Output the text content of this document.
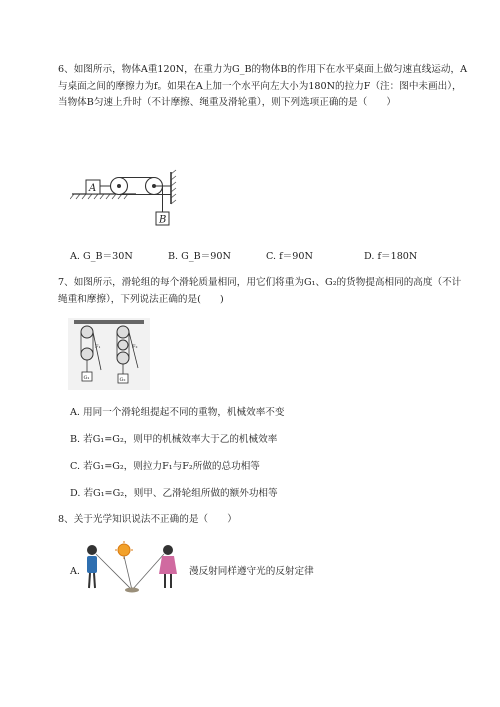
6、如图所示，物体A重120N，在重力为G_B的物体B的作用下在水平桌面上做匀速直线运动，A与桌面之间的摩擦力为f。如果在A上加一个水平向左大小为180N的拉力F（注：图中未画出），当物体B匀速上升时（不计摩擦、绳重及滑轮重），则下列选项正确的是（　　）
A
B
A. G_B＝30N	B. G_B＝90N	C. f＝90N	D. f＝180N
7、如图所示，滑轮组的每个滑轮质量相同，用它们将重为G₁、G₂的货物提高相同的高度（不计绳重和摩擦），下列说法正确的是(　　)
F₁
G₁
F₂
G₂
A. 用同一个滑轮组提起不同的重物，机械效率不变
B. 若G₁=G₂，则甲的机械效率大于乙的机械效率
C. 若G₁=G₂，则拉力F₁与F₂所做的总功相等
D. 若G₁=G₂，则甲、乙滑轮组所做的额外功相等
8、关于光学知识说法不正确的是（　　）
A.	漫反射同样遵守光的反射定律
